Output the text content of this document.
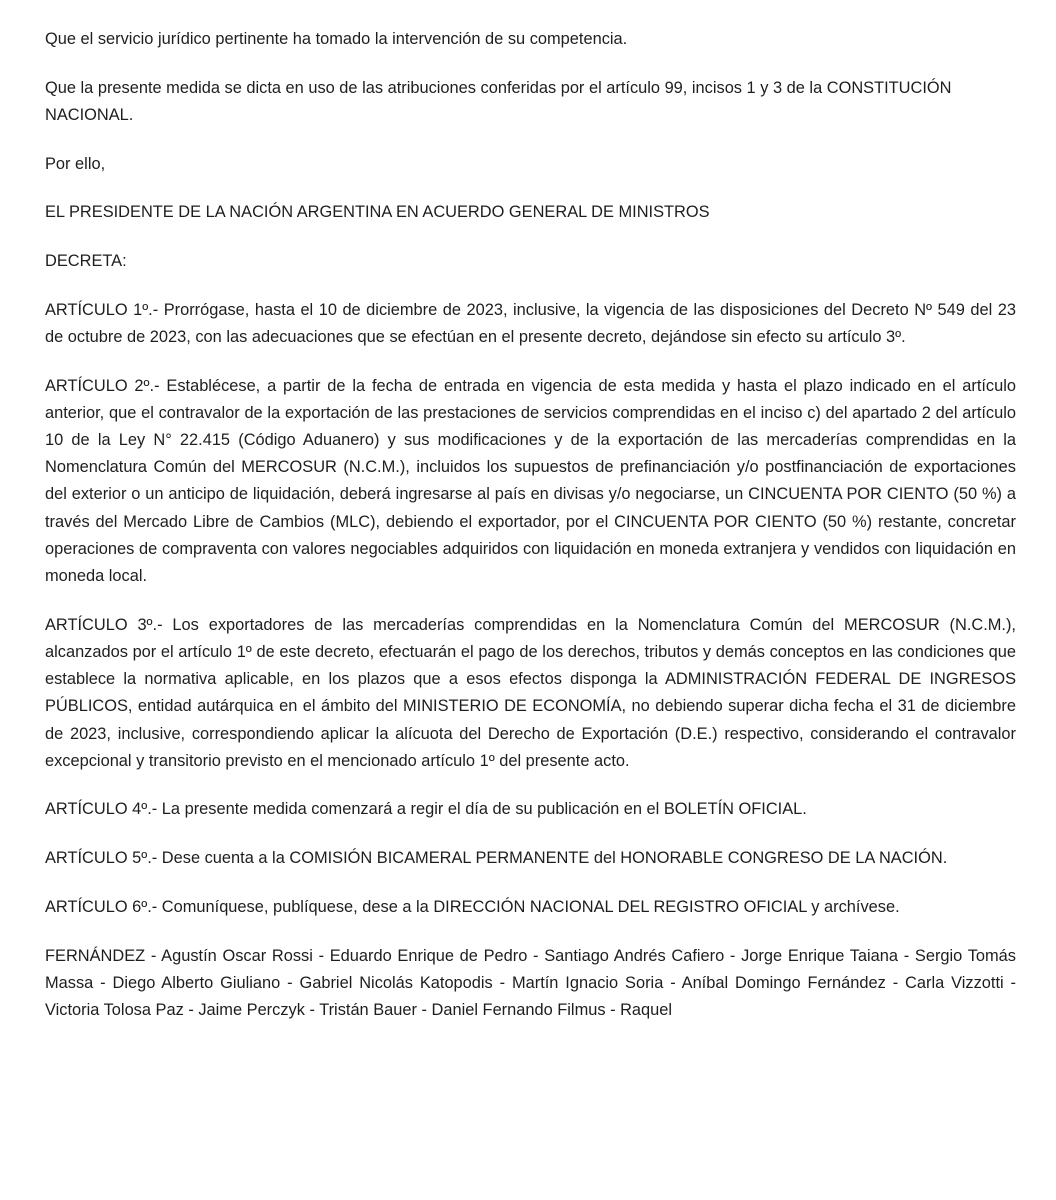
Que el servicio jurídico pertinente ha tomado la intervención de su competencia.

Que la presente medida se dicta en uso de las atribuciones conferidas por el artículo 99, incisos 1 y 3 de la CONSTITUCIÓN NACIONAL.

Por ello,

EL PRESIDENTE DE LA NACIÓN ARGENTINA EN ACUERDO GENERAL DE MINISTROS

DECRETA:

ARTÍCULO 1º.- Prorrógase, hasta el 10 de diciembre de 2023, inclusive, la vigencia de las disposiciones del Decreto Nº 549 del 23 de octubre de 2023, con las adecuaciones que se efectúan en el presente decreto, dejándose sin efecto su artículo 3º.

ARTÍCULO 2º.- Establécese, a partir de la fecha de entrada en vigencia de esta medida y hasta el plazo indicado en el artículo anterior, que el contravalor de la exportación de las prestaciones de servicios comprendidas en el inciso c) del apartado 2 del artículo 10 de la Ley N° 22.415 (Código Aduanero) y sus modificaciones y de la exportación de las mercaderías comprendidas en la Nomenclatura Común del MERCOSUR (N.C.M.), incluidos los supuestos de prefinanciación y/o postfinanciación de exportaciones del exterior o un anticipo de liquidación, deberá ingresarse al país en divisas y/o negociarse, un CINCUENTA POR CIENTO (50 %) a través del Mercado Libre de Cambios (MLC), debiendo el exportador, por el CINCUENTA POR CIENTO (50 %) restante, concretar operaciones de compraventa con valores negociables adquiridos con liquidación en moneda extranjera y vendidos con liquidación en moneda local.

ARTÍCULO 3º.- Los exportadores de las mercaderías comprendidas en la Nomenclatura Común del MERCOSUR (N.C.M.), alcanzados por el artículo 1º de este decreto, efectuarán el pago de los derechos, tributos y demás conceptos en las condiciones que establece la normativa aplicable, en los plazos que a esos efectos disponga la ADMINISTRACIÓN FEDERAL DE INGRESOS PÚBLICOS, entidad autárquica en el ámbito del MINISTERIO DE ECONOMÍA, no debiendo superar dicha fecha el 31 de diciembre de 2023, inclusive, correspondiendo aplicar la alícuota del Derecho de Exportación (D.E.) respectivo, considerando el contravalor excepcional y transitorio previsto en el mencionado artículo 1º del presente acto.

ARTÍCULO 4º.- La presente medida comenzará a regir el día de su publicación en el BOLETÍN OFICIAL.

ARTÍCULO 5º.- Dese cuenta a la COMISIÓN BICAMERAL PERMANENTE del HONORABLE CONGRESO DE LA NACIÓN.

ARTÍCULO 6º.- Comuníquese, publíquese, dese a la DIRECCIÓN NACIONAL DEL REGISTRO OFICIAL y archívese.

FERNÁNDEZ - Agustín Oscar Rossi - Eduardo Enrique de Pedro - Santiago Andrés Cafiero - Jorge Enrique Taiana - Sergio Tomás Massa - Diego Alberto Giuliano - Gabriel Nicolás Katopodis - Martín Ignacio Soria - Aníbal Domingo Fernández - Carla Vizzotti - Victoria Tolosa Paz - Jaime Perczyk - Tristán Bauer - Daniel Fernando Filmus - Raquel
